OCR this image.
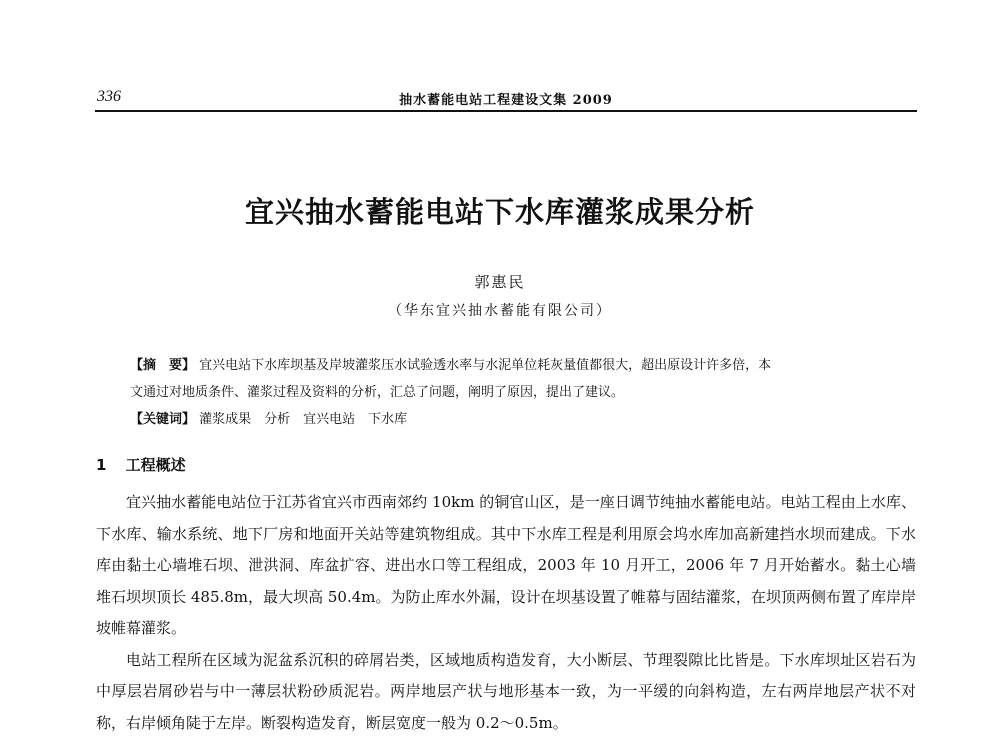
336	抽水蓄能电站工程建设文集 2009
宜兴抽水蓄能电站下水库灌浆成果分析
郭惠民
（华东宜兴抽水蓄能有限公司）

【摘　要】 宜兴电站下水库坝基及岸坡灌浆压水试验透水率与水泥单位耗灰量值都很大，超出原设计许多倍，本

文通过对地质条件、灌浆过程及资料的分析，汇总了问题，阐明了原因，提出了建议。

【关键词】 灌浆成果　分析　宜兴电站　下水库

1 工程概述

宜兴抽水蓄能电站位于江苏省宜兴市西南郊约 10km 的铜官山区，是一座日调节纯抽水蓄能电站。电站工程由上水库、下水库、输水系统、地下厂房和地面开关站等建筑物组成。其中下水库工程是利用原会坞水库加高新建挡水坝而建成。下水库由黏土心墙堆石坝、泄洪洞、库盆扩容、进出水口等工程组成，2003 年 10 月开工，2006 年 7 月开始蓄水。黏土心墙堆石坝坝顶长 485.8m，最大坝高 50.4m。为防止库水外漏，设计在坝基设置了帷幕与固结灌浆，在坝顶两侧布置了库岸岸坡帷幕灌浆。

电站工程所在区域为泥盆系沉积的碎屑岩类，区域地质构造发育，大小断层、节理裂隙比比皆是。下水库坝址区岩石为中厚层岩屑砂岩与中一薄层状粉砂质泥岩。两岸地层产状与地形基本一致，为一平缓的向斜构造，左右两岸地层产状不对称，右岸倾角陡于左岸。断裂构造发育，断层宽度一般为 0.2～0.5m。
